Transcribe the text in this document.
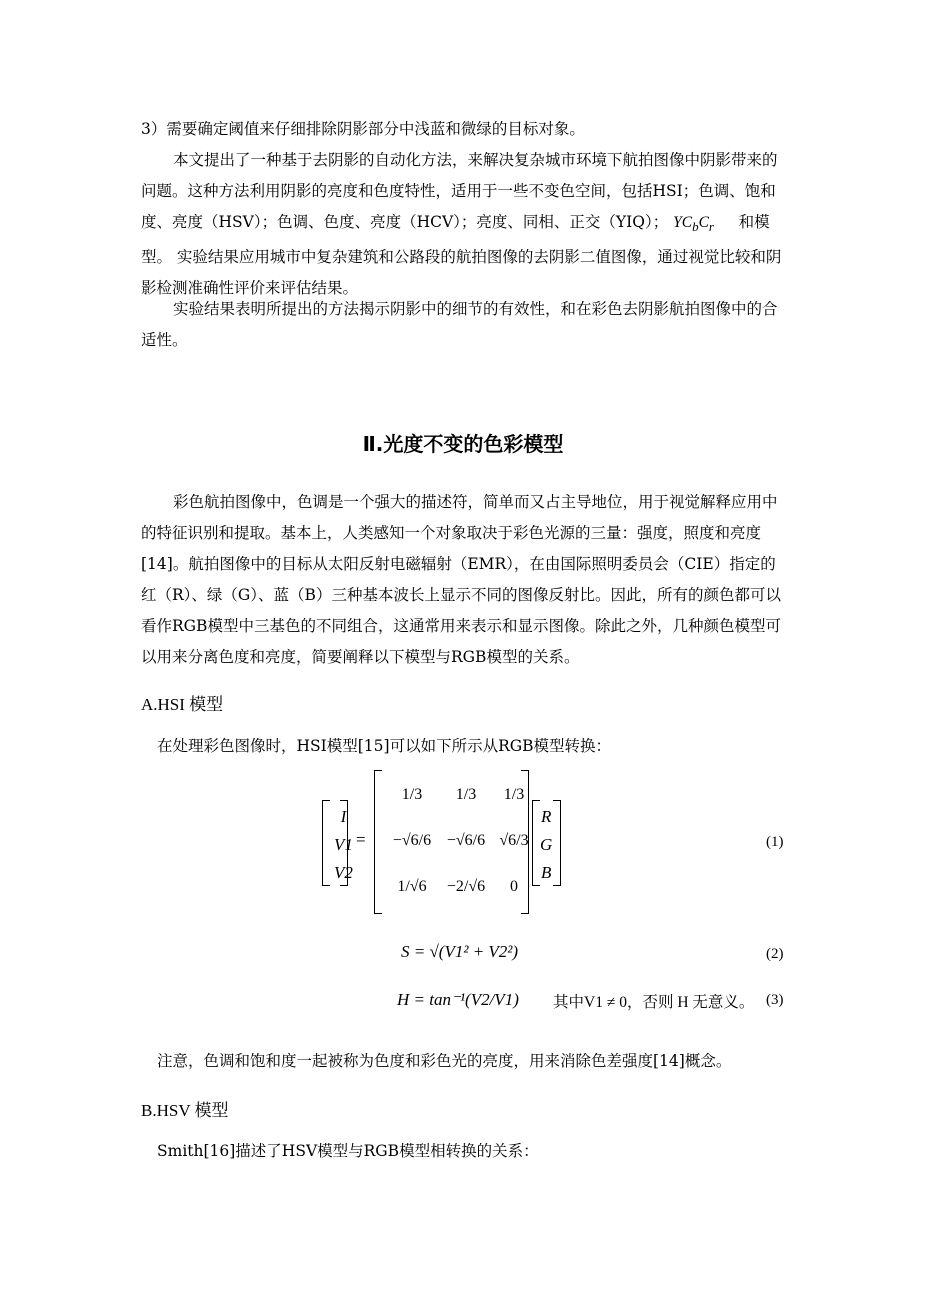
3）需要确定阈值来仔细排除阴影部分中浅蓝和微绿的目标对象。
本文提出了一种基于去阴影的自动化方法，来解决复杂城市环境下航拍图像中阴影带来的问题。这种方法利用阴影的亮度和色度特性，适用于一些不变色空间，包括HSI；色调、饱和度、亮度（HSV）；色调、色度、亮度（HCV）；亮度、同相、正交（YIQ）； $YC_bC_r$ 和模型。 实验结果应用城市中复杂建筑和公路段的航拍图像的去阴影二值图像，通过视觉比较和阴影检测准确性评价来评估结果。
实验结果表明所提出的方法揭示阴影中的细节的有效性，和在彩色去阴影航拍图像中的合适性。
Ⅱ.光度不变的色彩模型
彩色航拍图像中，色调是一个强大的描述符，简单而又占主导地位，用于视觉解释应用中的特征识别和提取。基本上，人类感知一个对象取决于彩色光源的三量：强度，照度和亮度[14]。航拍图像中的目标从太阳反射电磁辐射（EMR），在由国际照明委员会（CIE）指定的红（R）、绿（G）、蓝（B）三种基本波长上显示不同的图像反射比。因此，所有的颜色都可以看作RGB模型中三基色的不同组合，这通常用来表示和显示图像。除此之外，几种颜色模型可以用来分离色度和亮度，简要阐释以下模型与RGB模型的关系。
A.HSI 模型
在处理彩色图像时，HSI模型[15]可以如下所示从RGB模型转换：
I
V1
V2
=
1/3	1/3	1/3
−√6/6	−√6/6	√6/3
1/√6	−2/√6	0
R
G
B
(1)
S = √(V1² + V2²)	(2)
H = tan⁻¹(V2/V1) 其中V1 ≠ 0，否则 H 无意义。 (3)
注意，色调和饱和度一起被称为色度和彩色光的亮度，用来消除色差强度[14]概念。
B.HSV 模型
Smith[16]描述了HSV模型与RGB模型相转换的关系：
